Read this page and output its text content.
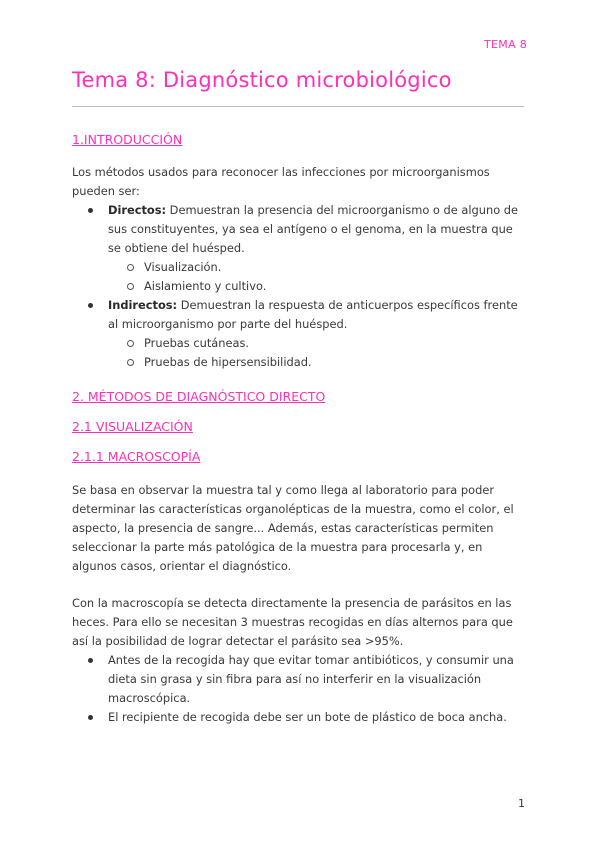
TEMA 8
Tema 8: Diagnóstico microbiológico
1.INTRODUCCIÓN

Los métodos usados para reconocer las infecciones por microorganismos pueden ser:

Directos: Demuestran la presencia del microorganismo o de alguno de sus constituyentes, ya sea el antígeno o el genoma, en la muestra que se obtiene del huésped.
Visualización.
Aislamiento y cultivo.
Indirectos: Demuestran la respuesta de anticuerpos específicos frente al microorganismo por parte del huésped.
Pruebas cutáneas.
Pruebas de hipersensibilidad.
2. MÉTODOS DE DIAGNÓSTICO DIRECTO
2.1 VISUALIZACIÓN
2.1.1 MACROSCOPÍA

Se basa en observar la muestra tal y como llega al laboratorio para poder determinar las características organolépticas de la muestra, como el color, el aspecto, la presencia de sangre... Además, estas características permiten seleccionar la parte más patológica de la muestra para procesarla y, en algunos casos, orientar el diagnóstico.

Con la macroscopía se detecta directamente la presencia de parásitos en las heces. Para ello se necesitan 3 muestras recogidas en días alternos para que así la posibilidad de lograr detectar el parásito sea >95%.

Antes de la recogida hay que evitar tomar antibióticos, y consumir una dieta sin grasa y sin fibra para así no interferir en la visualización macroscópica.
El recipiente de recogida debe ser un bote de plástico de boca ancha.
1
